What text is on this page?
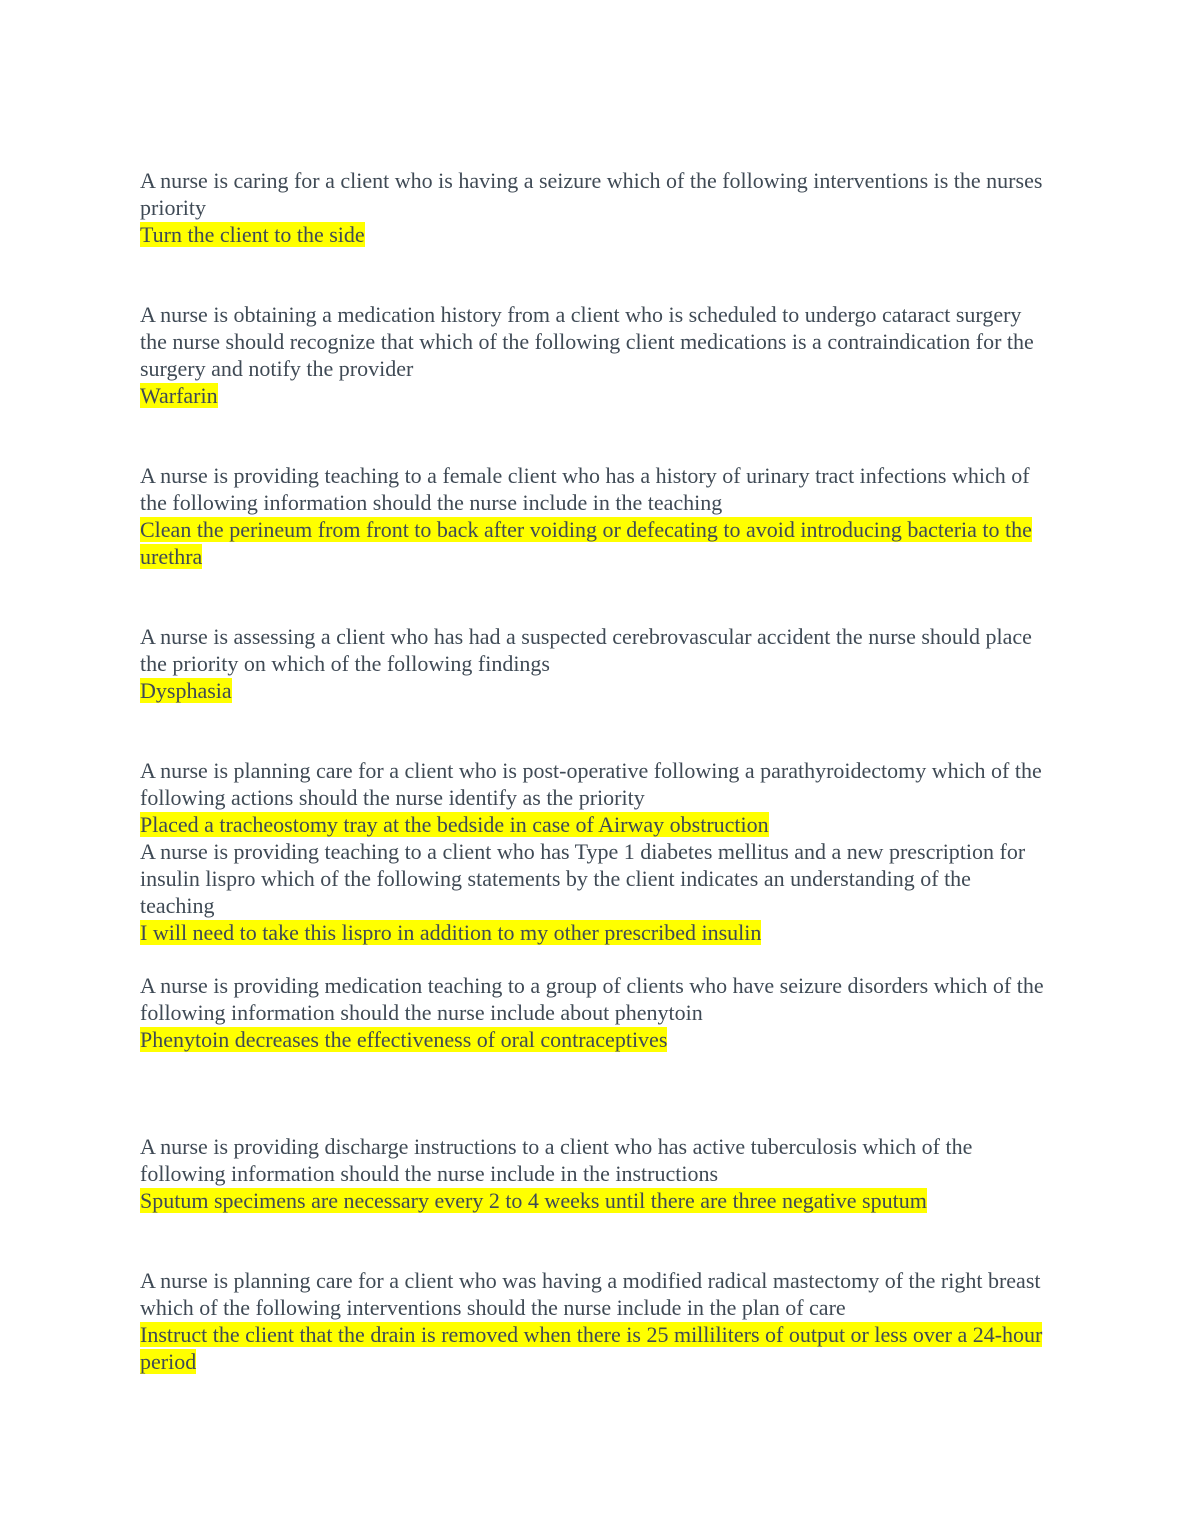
A nurse is caring for a client who is having a seizure which of the following interventions is the nurses priority

Turn the client to the side

A nurse is obtaining a medication history from a client who is scheduled to undergo cataract surgery the nurse should recognize that which of the following client medications is a contraindication for the surgery and notify the provider

Warfarin

A nurse is providing teaching to a female client who has a history of urinary tract infections which of the following information should the nurse include in the teaching

Clean the perineum from front to back after voiding or defecating to avoid introducing bacteria to the urethra

A nurse is assessing a client who has had a suspected cerebrovascular accident the nurse should place the priority on which of the following findings

Dysphasia

A nurse is planning care for a client who is post-operative following a parathyroidectomy which of the following actions should the nurse identify as the priority

Placed a tracheostomy tray at the bedside in case of Airway obstruction

A nurse is providing teaching to a client who has Type 1 diabetes mellitus and a new prescription for insulin lispro which of the following statements by the client indicates an understanding of the teaching

I will need to take this lispro in addition to my other prescribed insulin

A nurse is providing medication teaching to a group of clients who have seizure disorders which of the following information should the nurse include about phenytoin

Phenytoin decreases the effectiveness of oral contraceptives

A nurse is providing discharge instructions to a client who has active tuberculosis which of the following information should the nurse include in the instructions

Sputum specimens are necessary every 2 to 4 weeks until there are three negative sputum

A nurse is planning care for a client who was having a modified radical mastectomy of the right breast which of the following interventions should the nurse include in the plan of care

Instruct the client that the drain is removed when there is 25 milliliters of output or less over a 24-hour period
